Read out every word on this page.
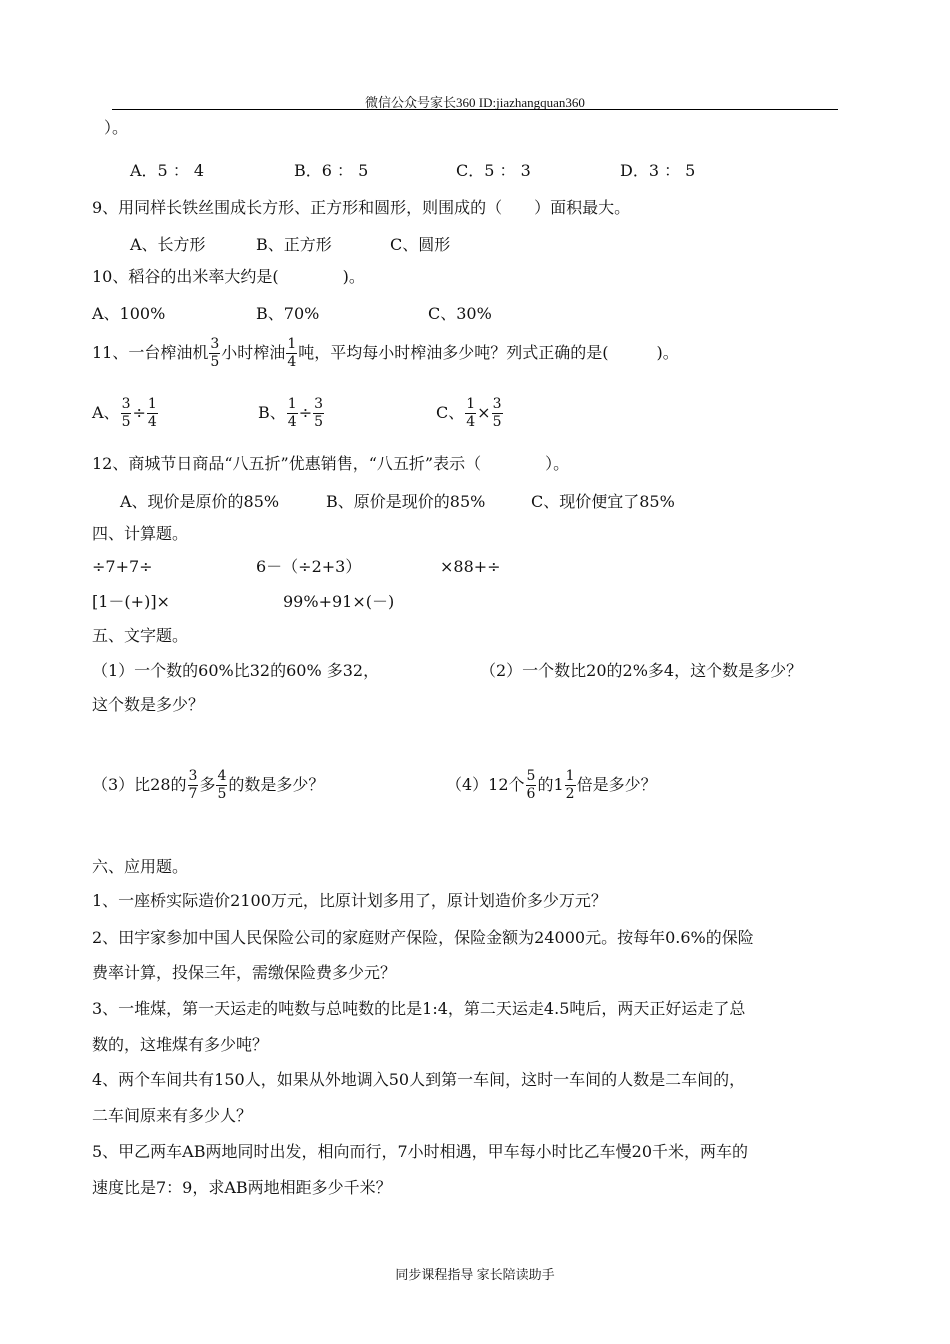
微信公众号家长360 ID:jiazhangquan360
）。
A．5 ： 4	B．6 ： 5	C．5 ： 3	D．3 ： 5
9、用同样长铁丝围成长方形、正方形和圆形，则围成的（　　）面积最大。
A、长方形	B、正方形	C、圆形
10、稻谷的出米率大约是(　　　　)。
A、100%	B、70%	C、30%
11、一台榨油机 $\frac{3}{5}$ 小时榨油 $\frac{1}{4}$ 吨，平均每小时榨油多少吨？列式正确的是(　　　)。
A、 $\frac{3}{5} \div \frac{1}{4}$	B、 $\frac{1}{4} \div \frac{3}{5}$	C、 $\frac{1}{4} \times \frac{3}{5}$
12、商城节日商品“八五折”优惠销售，“八五折”表示（　　　　）。
A、现价是原价的85%	B、原价是现价的85%	C、现价便宜了85%
四、计算题。
÷7+7÷	6－（÷2+3）	×88+÷
[1－(+)]×	99%+91×(－)
五、文字题。
（1）一个数的60%比32的60% 多32，	（2）一个数比20的2%多4，这个数是多少？
这个数是多少？
（3）比28的 $\frac{3}{7}$ 多 $\frac{4}{5}$ 的数是多少？	（4）12个 $\frac{5}{6}$ 的$1 \frac{1}{2}$ 倍是多少？
六、应用题。
1、一座桥实际造价2100万元，比原计划多用了，原计划造价多少万元？
2、田宇家参加中国人民保险公司的家庭财产保险，保险金额为24000元。按每年0.6%的保险
费率计算，投保三年，需缴保险费多少元？
3、一堆煤，第一天运走的吨数与总吨数的比是1:4，第二天运走4.5吨后，两天正好运走了总
数的，这堆煤有多少吨？
4、两个车间共有150人，如果从外地调入50人到第一车间，这时一车间的人数是二车间的，
二车间原来有多少人？
5、甲乙两车AB两地同时出发，相向而行，7小时相遇，甲车每小时比乙车慢20千米，两车的
速度比是7：9，求AB两地相距多少千米？
同步课程指导 家长陪读助手
